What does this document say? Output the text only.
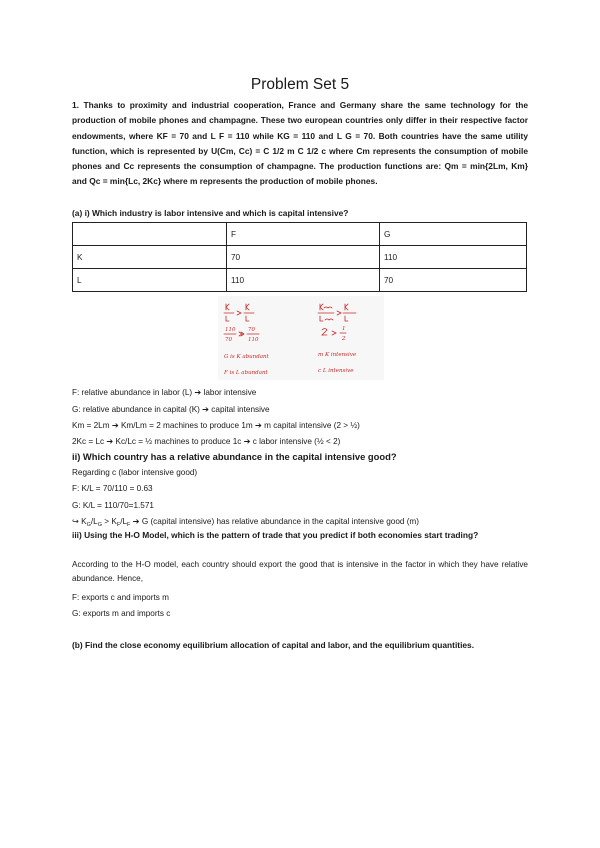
Problem Set 5

1. Thanks to proximity and industrial cooperation, France and Germany share the same technology for the production of mobile phones and champagne. These two european countries only differ in their respective factor endowments, where KF = 70 and L F = 110 while KG = 110 and L G = 70. Both countries have the same utility function, which is represented by U(Cm, Cc) = C 1/2 m C 1/2 c where Cm represents the consumption of mobile phones and Cc represents the consumption of champagne. The production functions are: Qm = min{2Lm, Km} and Qc = min{Lc, 2Kc} where m represents the production of mobile phones.

(a) i) Which industry is labor intensive and which is capital intensive?
	F	G
K	70	110
L	110	70
110
70
70
110
1
2
G is K abundant
F is L abundant
m K intensive
c L intensive

F: relative abundance in labor (L) ➔ labor intensive

G: relative abundance in capital (K) ➔ capital intensive

Km = 2Lm ➔ Km/Lm = 2 machines to produce 1m ➔ m capital intensive (2 > ½)

2Kc = Lc ➔ Kc/Lc = ½ machines to produce 1c ➔ c labor intensive (½ < 2)

ii) Which country has a relative abundance in the capital intensive good?

Regarding c (labor intensive good)

F: K/L = 70/110 = 0.63

G: K/L = 110/70=1.571

↪ $K_G/L_G > K_F/L_F$ ➔ G (capital intensive) has relative abundance in the capital intensive good (m)

iii) Using the H-O Model, which is the pattern of trade that you predict if both economies start trading?

According to the H-O model, each country should export the good that is intensive in the factor in which they have relative abundance. Hence,

F: exports c and imports m

G: exports m and imports c

(b) Find the close economy equilibrium allocation of capital and labor, and the equilibrium quantities.
